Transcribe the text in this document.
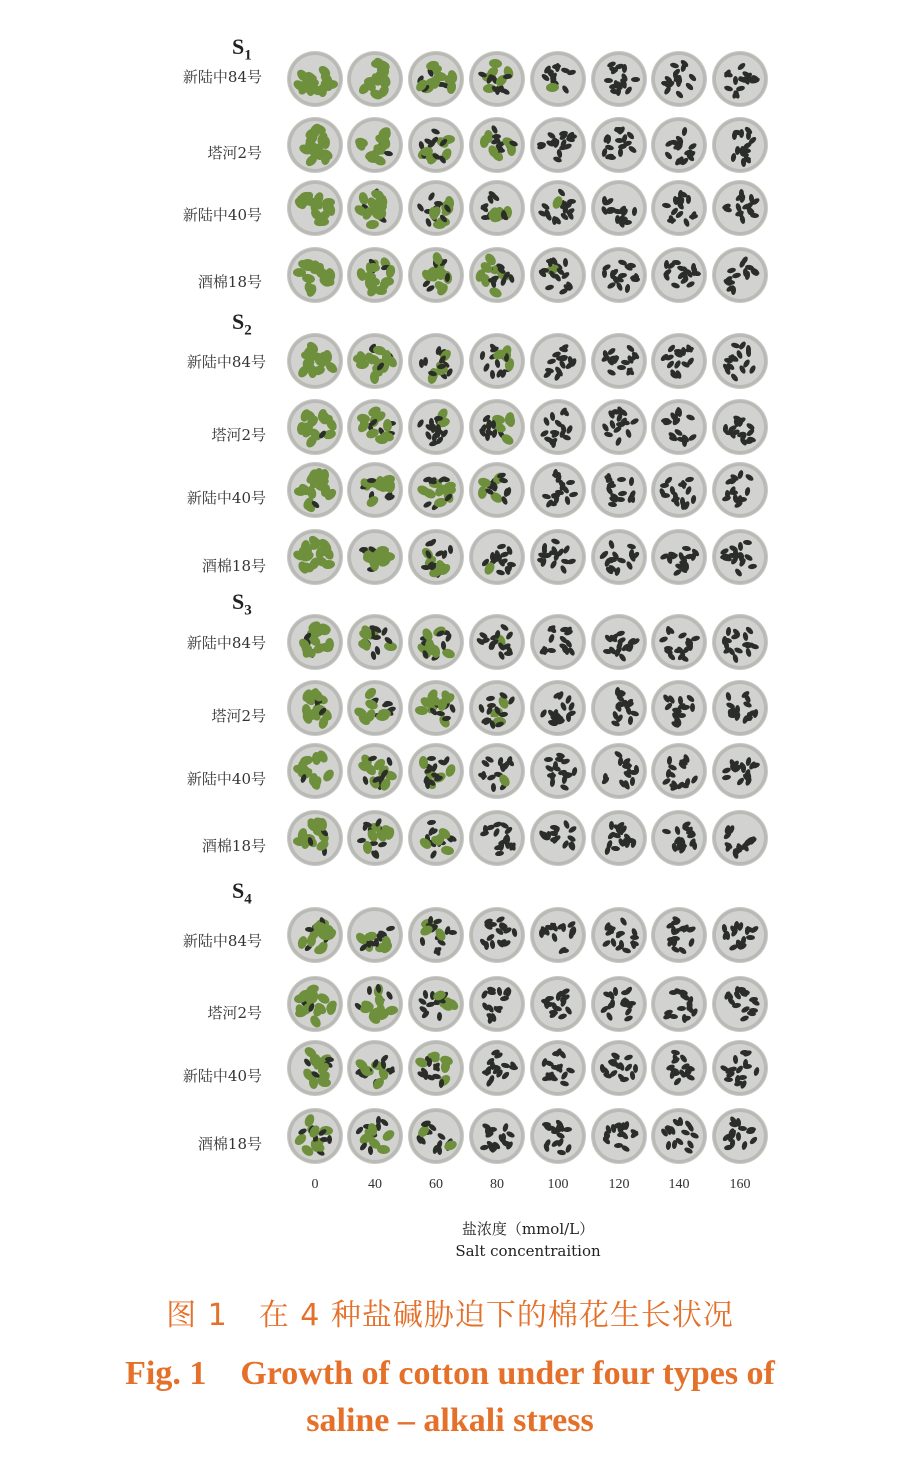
$S_1$
新陆中84号
塔河2号
新陆中40号
酒棉18号
$S_2$
新陆中84号
塔河2号
新陆中40号
酒棉18号
$S_3$
新陆中84号
塔河2号
新陆中40号
酒棉18号
$S_4$
新陆中84号
塔河2号
新陆中40号
酒棉18号
0	40	60	80	100	120	140	160
盐浓度（mmol/L）
Salt concentraition
图 1　在 4 种盐碱胁迫下的棉花生长状况
Fig. 1　Growth of cotton under four types of
saline – alkali stress
